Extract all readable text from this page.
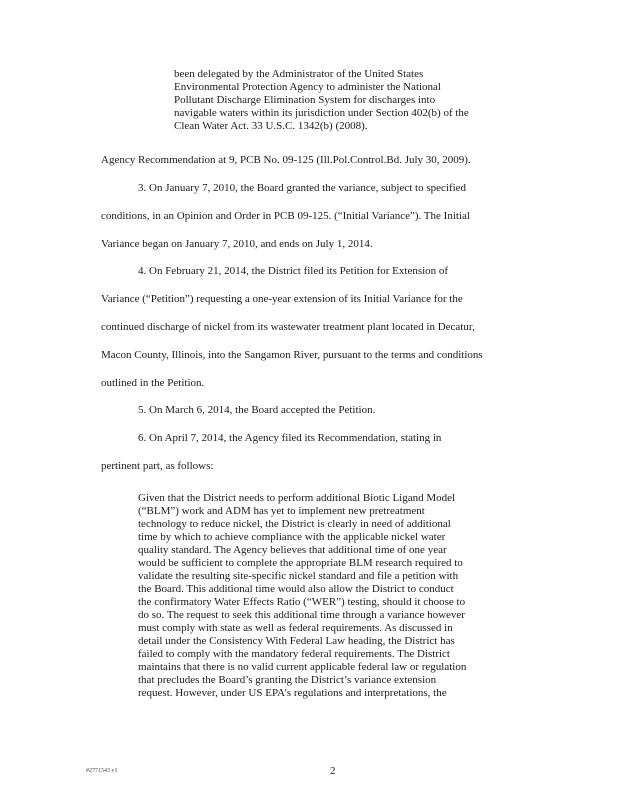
been delegated by the Administrator of the United States
Environmental Protection Agency to administer the National
Pollutant Discharge Elimination System for discharges into
navigable waters within its jurisdiction under Section 402(b) of the
Clean Water Act. 33 U.S.C. 1342(b) (2008).
Agency Recommendation at 9, PCB No. 09-125 (Ill.Pol.Control.Bd. July 30, 2009).
3. On January 7, 2010, the Board granted the variance, subject to specified
conditions, in an Opinion and Order in PCB 09-125. (“Initial Variance”). The Initial
Variance began on January 7, 2010, and ends on July 1, 2014.
4. On February 21, 2014, the District filed its Petition for Extension of
Variance (“Petition”) requesting a one-year extension of its Initial Variance for the
continued discharge of nickel from its wastewater treatment plant located in Decatur,
Macon County, Illinois, into the Sangamon River, pursuant to the terms and conditions
outlined in the Petition.
5. On March 6, 2014, the Board accepted the Petition.
6. On April 7, 2014, the Agency filed its Recommendation, stating in
pertinent part, as follows:
Given that the District needs to perform additional Biotic Ligand Model
(“BLM”) work and ADM has yet to implement new pretreatment
technology to reduce nickel, the District is clearly in need of additional
time by which to achieve compliance with the applicable nickel water
quality standard. The Agency believes that additional time of one year
would be sufficient to complete the appropriate BLM research required to
validate the resulting site-specific nickel standard and file a petition with
the Board. This additional time would also allow the District to conduct
the confirmatory Water Effects Ratio (“WER”) testing, should it choose to
do so. The request to seek this additional time through a variance however
must comply with state as well as federal requirements. As discussed in
detail under the Consistency With Federal Law heading, the District has
failed to comply with the mandatory federal requirements. The District
maintains that there is no valid current applicable federal law or regulation
that precludes the Board’s granting the District’s variance extension
request. However, under US EPA’s regulations and interpretations, the
#2771543 v1	2
